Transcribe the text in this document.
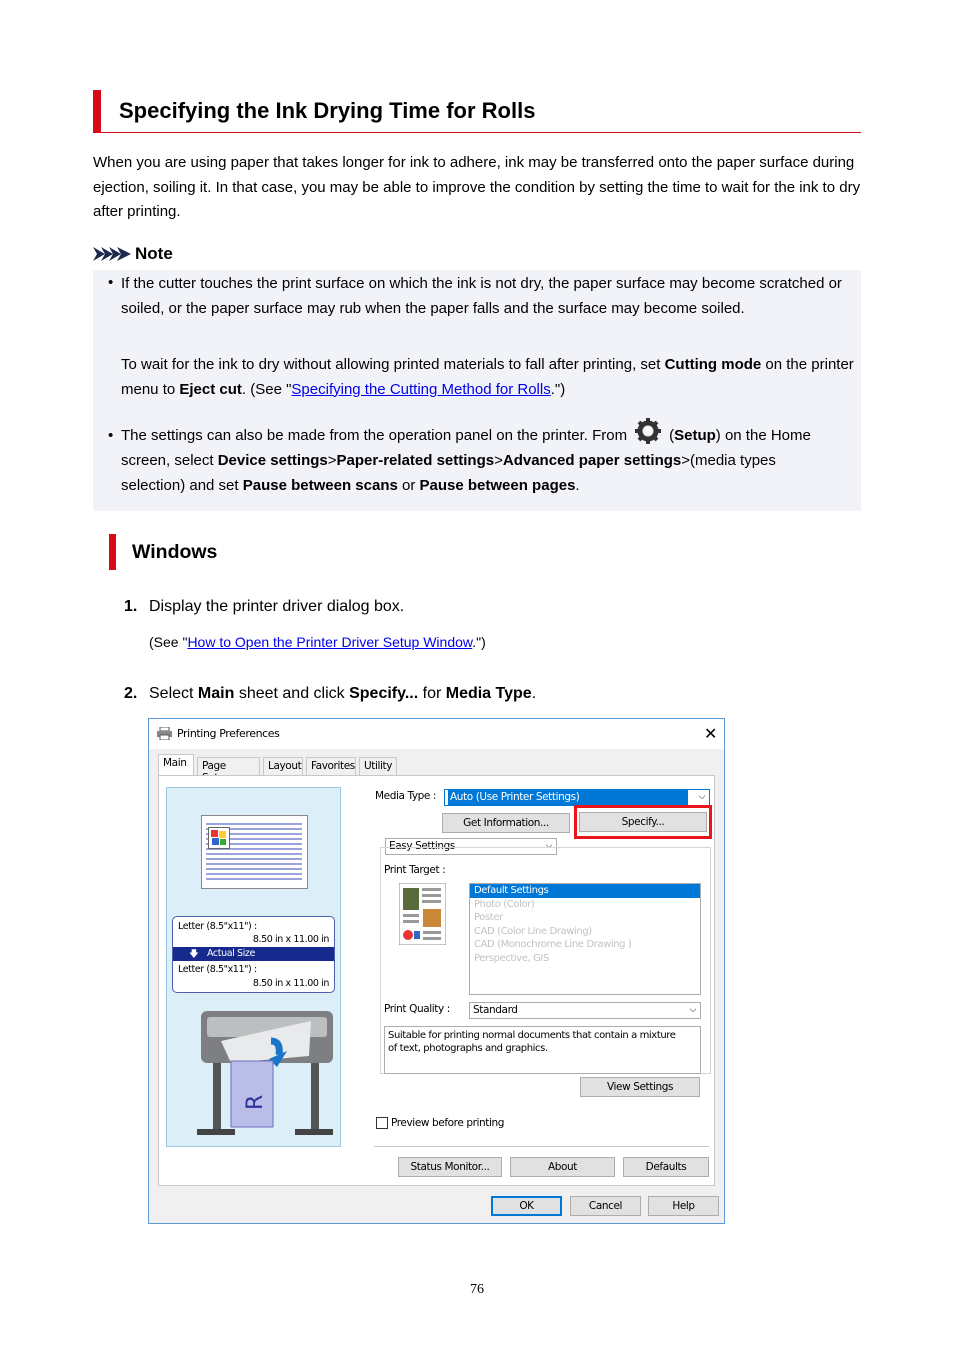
Specifying the Ink Drying Time for Rolls
When you are using paper that takes longer for ink to adhere, ink may be transferred onto the paper surface during ejection, soiling it. In that case, you may be able to improve the condition by setting the time to wait for the ink to dry after printing.
Note
• If the cutter touches the print surface on which the ink is not dry, the paper surface may become scratched or soiled, or the paper surface may rub when the paper falls and the surface may become soiled.
To wait for the ink to dry without allowing printed materials to fall after printing, set Cutting mode on the printer menu to Eject cut. (See "Specifying the Cutting Method for Rolls.")
• The settings can also be made from the operation panel on the printer. From	(Setup) on the Home
screen, select Device settings>Paper-related settings>Advanced paper settings>(media types
selection) and set Pause between scans or Pause between pages.
Windows
1. Display the printer driver dialog box.
(See "How to Open the Printer Driver Setup Window.")
2. Select Main sheet and click Specify... for Media Type.
Printing Preferences	✕
Main	Page	Layout Favorites Utility
Letter (8.5"x11") :
8.50 in x 11.00 in
🡇 Actual Size
Letter (8.5"x11") :
8.50 in x 11.00 in
R
Media Type :	Auto (Use Printer Settings)	⌵
Get Information...	Specify...
Easy Settings	⌵
Print Target :
Default Settings
Photo (Color)
Poster
CAD (Color Line Drawing)
CAD (Monochrome Line Drawing )
Perspective, GIS
Print Quality :	Standard	⌵
Suitable for printing normal documents that contain a mixture of text, photographs and graphics.
View Settings
Preview before printing
Status Monitor...	About	Defaults
OK	Cancel	Help
76
